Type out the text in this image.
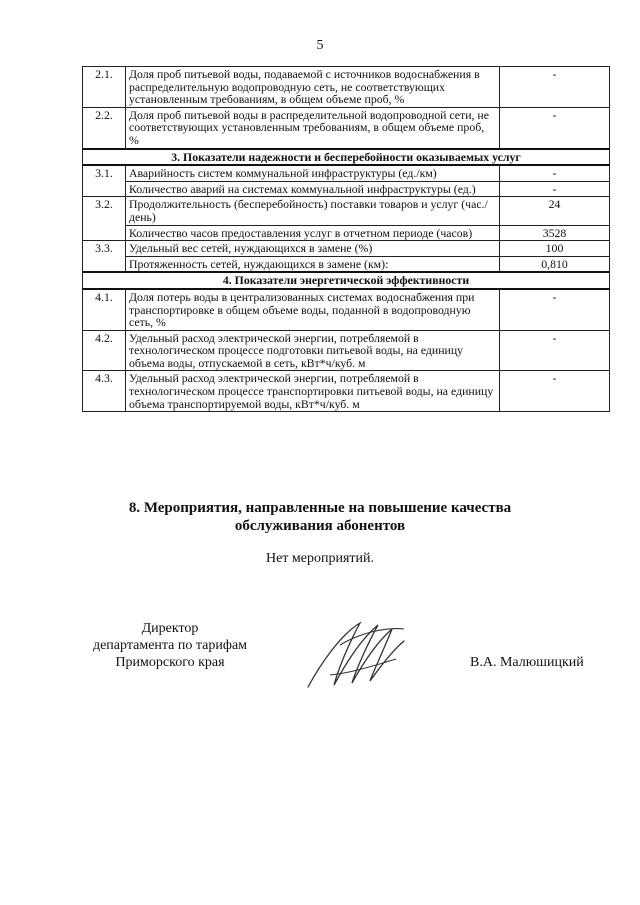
5
2.1.	Доля проб питьевой воды, подаваемой с источников водоснабжения в распределительную водопроводную сеть, не соответствующих установленным требованиям, в общем объеме проб, %	-
2.2.	Доля проб питьевой воды в распределительной водопроводной сети, не соответствующих установленным требованиям, в общем объеме проб, %	-
3. Показатели надежности и бесперебойности оказываемых услуг		
3.1.	Аварийность систем коммунальной инфраструктуры (ед./км)	-
	Количество аварий на системах коммунальной инфраструктуры (ед.)	-
3.2.	Продолжительность (бесперебойность) поставки товаров и услуг (час./день)	24
	Количество часов предоставления услуг в отчетном периоде (часов)	3528
3.3.	Удельный вес сетей, нуждающихся в замене (%)	100
	Протяженность сетей, нуждающихся в замене (км):	0,810
4. Показатели энергетической эффективности		
4.1.	Доля потерь воды в централизованных системах водоснабжения при транспортировке в общем объеме воды, поданной в водопроводную сеть, %	-
4.2.	Удельный расход электрической энергии, потребляемой в технологическом процессе подготовки питьевой воды, на единицу объема воды, отпускаемой в сеть, кВт*ч/куб. м	-
4.3.	Удельный расход электрической энергии, потребляемой в технологическом процессе транспортировки питьевой воды, на единицу объема транспортируемой воды, кВт*ч/куб. м	-
8. Мероприятия, направленные на повышение качества
обслуживания абонентов
Нет мероприятий.
Директор
департамента по тарифам
Приморского края	В.А. Малюшицкий
